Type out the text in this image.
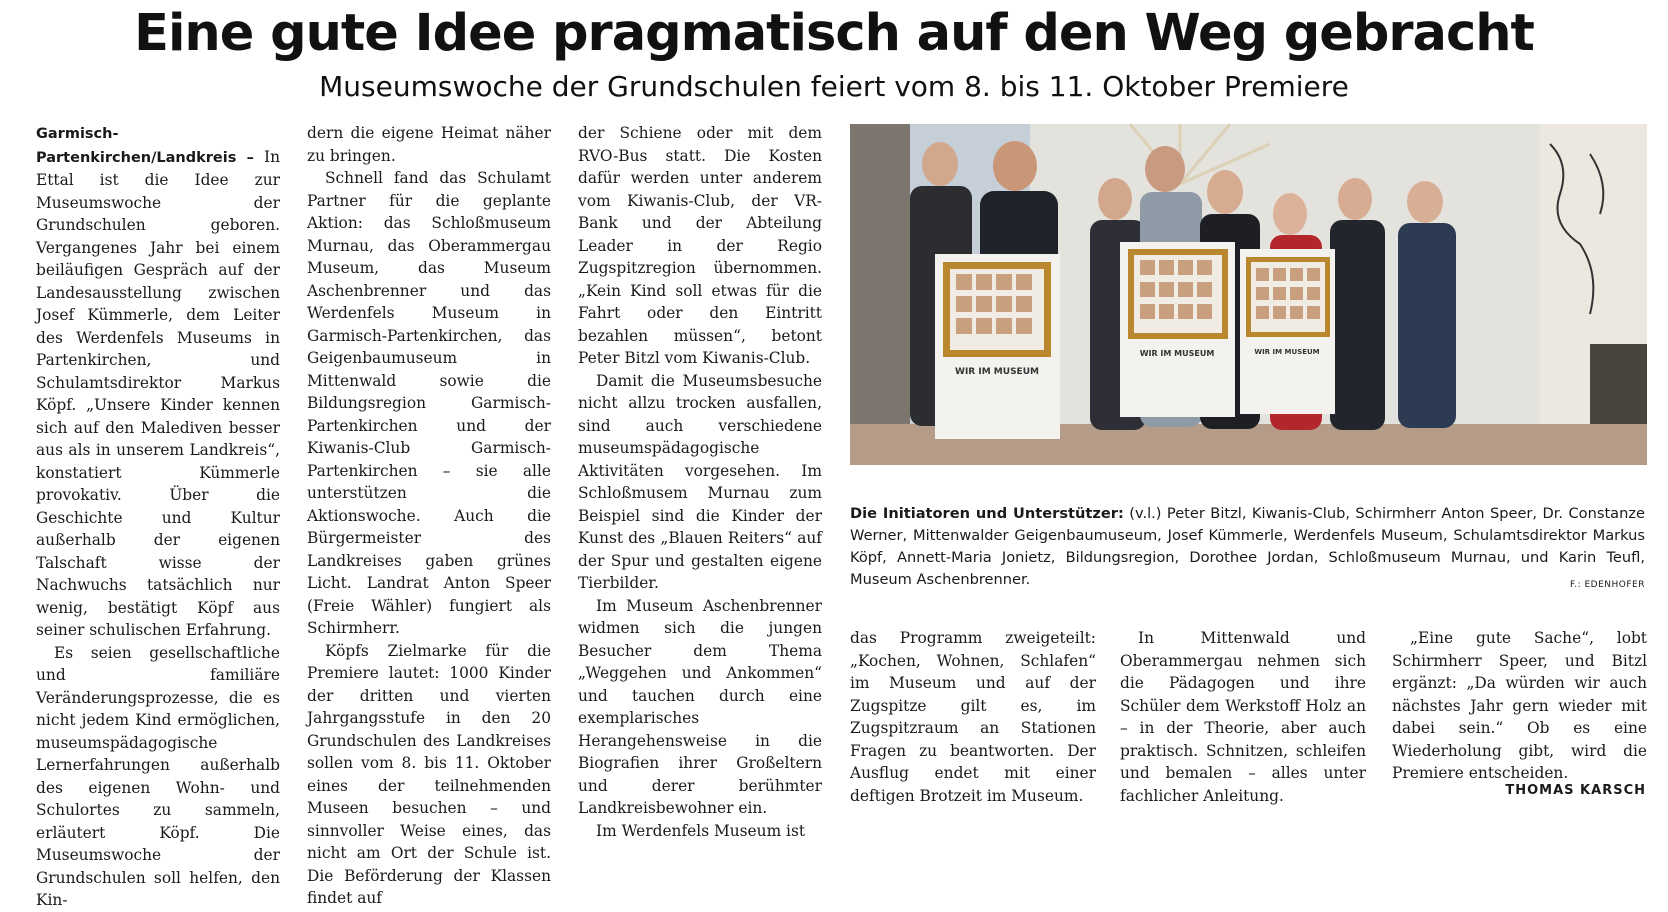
Eine gute Idee pragmatisch auf den Weg gebracht
Museumswoche der Grundschulen feiert vom 8. bis 11. Oktober Premiere

Garmisch-Partenkirchen/Landkreis – In Ettal ist die Idee zur Museumswoche der Grundschulen geboren. Vergangenes Jahr bei einem beiläufigen Gespräch auf der Landesausstellung zwischen Josef Kümmerle, dem Leiter des Werdenfels Museums in Partenkirchen, und Schulamtsdirektor Markus Köpf. „Unsere Kinder kennen sich auf den Malediven besser aus als in unserem Landkreis“, konstatiert Kümmerle provokativ. Über die Geschichte und Kultur außerhalb der eigenen Talschaft wisse der Nachwuchs tatsächlich nur wenig, bestätigt Köpf aus seiner schulischen Erfahrung.

Es seien gesellschaftliche und familiäre Veränderungsprozesse, die es nicht jedem Kind ermöglichen, museumspädagogische Lernerfahrungen außerhalb des eigenen Wohn- und Schulortes zu sammeln, erläutert Köpf. Die Museumswoche der Grundschulen soll helfen, den Kin-

dern die eigene Heimat näher zu bringen.

Schnell fand das Schulamt Partner für die geplante Aktion: das Schloßmuseum Murnau, das Oberammergau Museum, das Museum Aschenbrenner und das Werdenfels Museum in Garmisch-Partenkirchen, das Geigenbaumuseum in Mittenwald sowie die Bildungsregion Garmisch-Partenkirchen und der Kiwanis-Club Garmisch-Partenkirchen – sie alle unterstützen die Aktionswoche. Auch die Bürgermeister des Landkreises gaben grünes Licht. Landrat Anton Speer (Freie Wähler) fungiert als Schirmherr.

Köpfs Zielmarke für die Premiere lautet: 1000 Kinder der dritten und vierten Jahrgangsstufe in den 20 Grundschulen des Landkreises sollen vom 8. bis 11. Oktober eines der teilnehmenden Museen besuchen – und sinnvoller Weise eines, das nicht am Ort der Schule ist. Die Beförderung der Klassen findet auf

der Schiene oder mit dem RVO-Bus statt. Die Kosten dafür werden unter anderem vom Kiwanis-Club, der VR-Bank und der Abteilung Leader in der Regio Zugspitzregion übernommen. „Kein Kind soll etwas für die Fahrt oder den Eintritt bezahlen müssen“, betont Peter Bitzl vom Kiwanis-Club.

Damit die Museumsbesuche nicht allzu trocken ausfallen, sind auch verschiedene museumspädagogische Aktivitäten vorgesehen. Im Schloßmusem Murnau zum Beispiel sind die Kinder der Kunst des „Blauen Reiters“ auf der Spur und gestalten eigene Tierbilder.

Im Museum Aschenbrenner widmen sich die jungen Besucher dem Thema „Weggehen und Ankommen“ und tauchen durch eine exemplarisches Herangehensweise in die Biografien ihrer Großeltern und derer berühmter Landkreisbewohner ein.

Im Werdenfels Museum ist

WIR IM MUSEUM
WIR IM MUSEUM	WIR IM MUSEUM
Die Initiatoren und Unterstützer: (v.l.) Peter Bitzl, Kiwanis-Club, Schirmherr Anton Speer, Dr. Constanze Werner, Mittenwalder Geigenbaumuseum, Josef Kümmerle, Werdenfels Museum, Schulamtsdirektor Markus Köpf, Annett-Maria Jonietz, Bildungsregion, Dorothee Jordan, Schloßmuseum Murnau, und Karin Teufl, Museum Aschenbrenner.	F.: EDENHOFER

das Programm zweigeteilt: „Kochen, Wohnen, Schlafen“ im Museum und auf der Zugspitze gilt es, im Zugspitzraum an Stationen Fragen zu beantworten. Der Ausflug endet mit einer deftigen Brotzeit im Museum.

In Mittenwald und Oberammergau nehmen sich die Pädagogen und ihre Schüler dem Werkstoff Holz an – in der Theorie, aber auch praktisch. Schnitzen, schleifen und bemalen – alles unter fachlicher Anleitung.

„Eine gute Sache“, lobt Schirmherr Speer, und Bitzl ergänzt: „Da würden wir auch nächstes Jahr gern wieder mit dabei sein.“ Ob es eine Wiederholung gibt, wird die Premiere entscheiden.

THOMAS KARSCH
